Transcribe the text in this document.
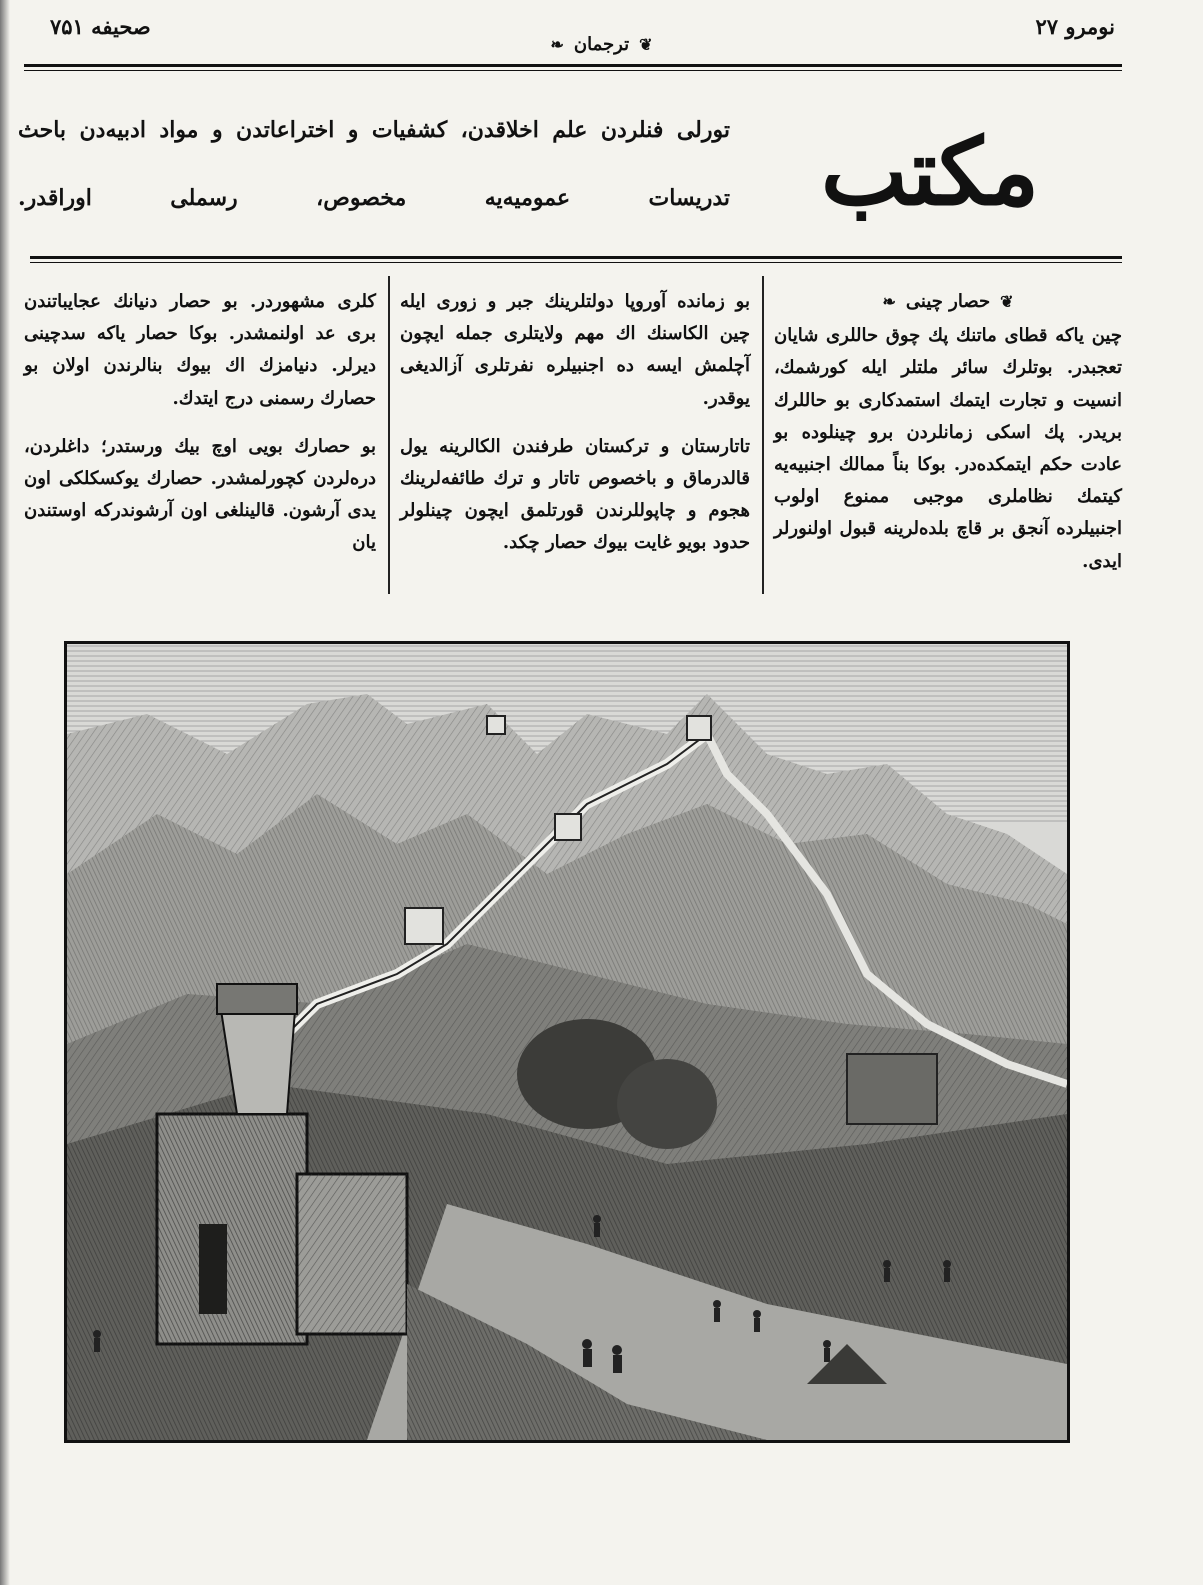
صحیفه ۷۵۱
❦ترجمان❧
نومرو ۲۷
تورلی فنلردن علم اخلاقدن، کشفیات و اختراعاتدن و مواد ادبیه‌دن باحث تدریسات عمومیه‌یه مخصوص، رسملی اوراقدر. مکتب
❦حصار چینی❧

چین یاکه قطای ماتنك پك چوق حاللری شایان تعجبدر. بوتلرك سائر ملتلر ایله کورشمك، انسیت و تجارت ایتمك استمدکاری بو حاللرك بریدر. پك اسکی زمانلردن برو چینلوده بو عادت حکم ایتمکده‌در. بوکا بناً ممالك اجنبیه‌یه کیتمك نظاملری موجبی ممنوع اولوب اجنبیلرده آنجق بر قاچ بلده‌لرینه قبول اولنورلر ایدی.

بو زمانده آوروپا دولتلرینك جبر و زوری ایله چین الکاسنك اك مهم ولایتلری جمله ایچون آچلمش ایسه ده اجنبیلره نفرتلری آزالدیغی یوقدر.

تاتارستان و ترکستان طرفندن الکالرینه یول قالدرماق و باخصوص تاتار و ترك طائفه‌لرینك هجوم و چاپوللرندن قورتلمق ایچون چینلولر حدود بویو غایت بیوك حصار چکد.

کلری مشهوردر. بو حصار دنیانك عجایباتندن بری عد اولنمشدر. بوکا حصار یاکه سدچینی دیرلر. دنیامزك اك بیوك بنالرندن اولان بو حصارك رسمنی درج ایتدك.

بو حصارك بویی اوچ بیك ورستدر؛ داغلردن، دره‌لردن کچورلمشدر. حصارك یوکسکلکی اون یدی آرشون. قالینلغی اون آرشوندرکه اوستندن یان
